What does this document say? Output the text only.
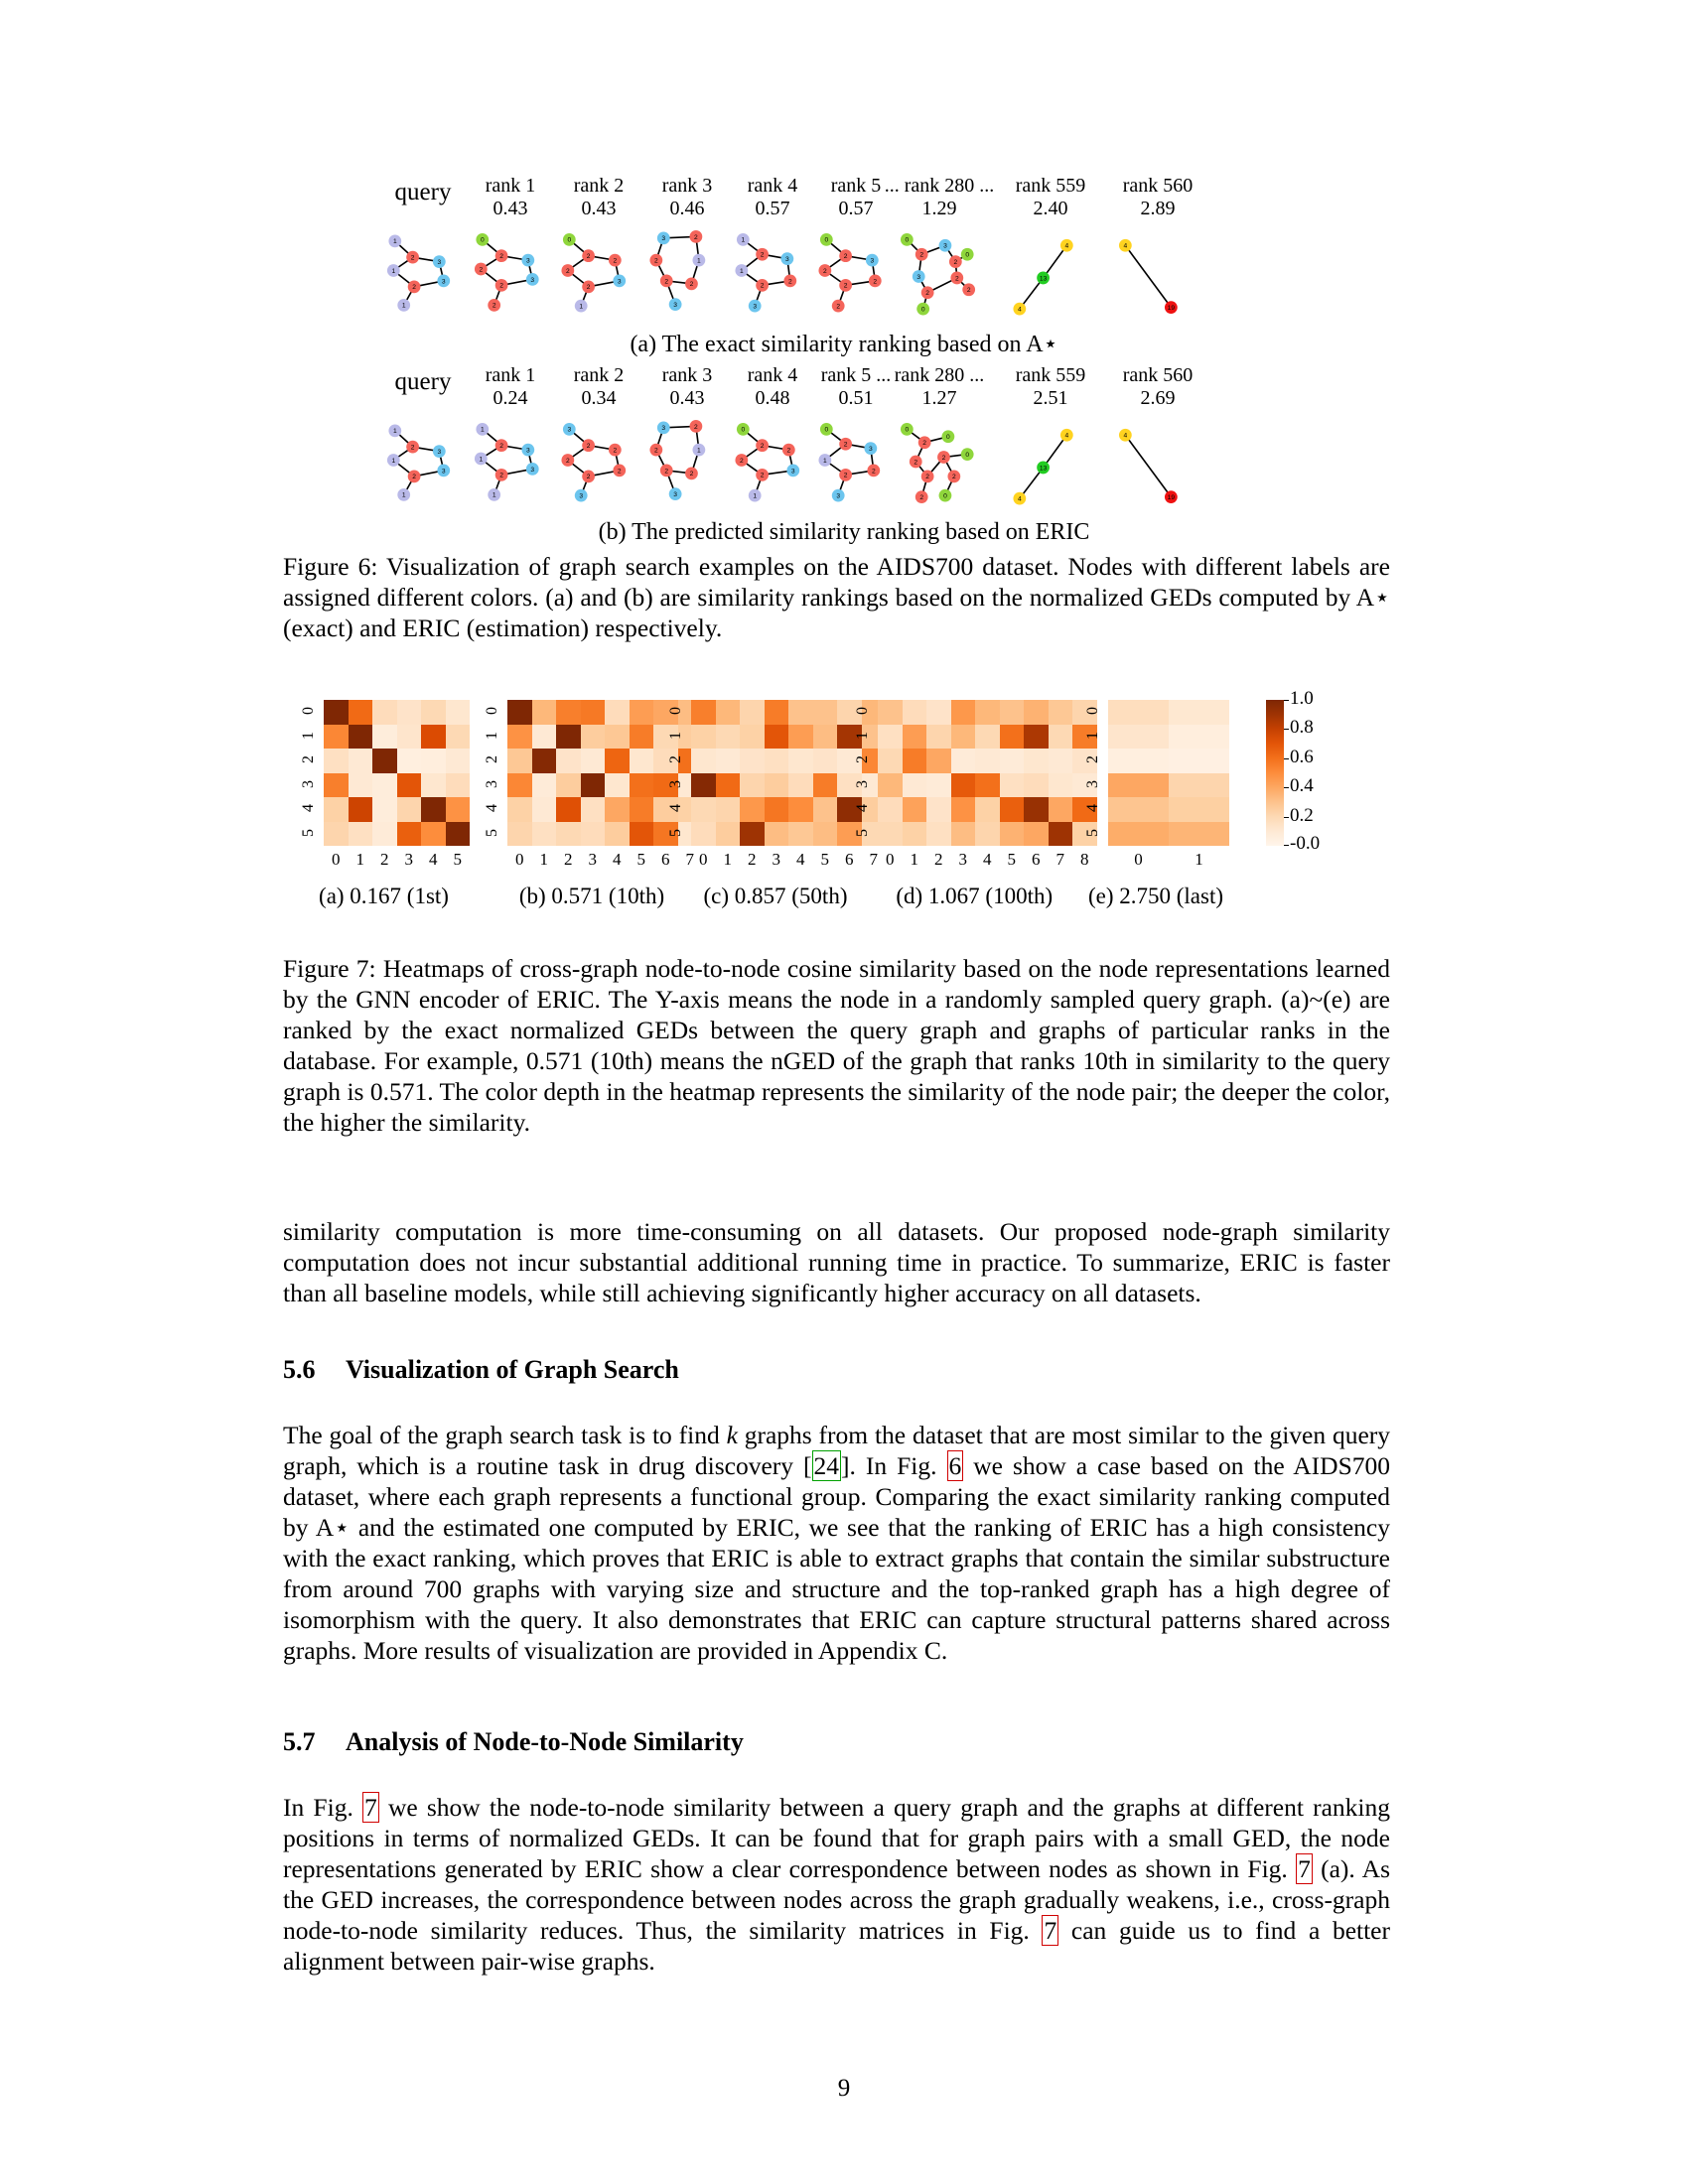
query	rank 1
0.43
rank 2
0.43
rank 3
0.46
rank 4
0.57
rank 5
0.57
... rank 280 ...
1.29
rank 559
2.40
rank 560
2.89
1
2
1
2
1
3
3
0
2
2
2
2
3
3
0
2
2
2
1
2
3
3	2
2	1
2 2
3
1
2
1
2
3
3
2
0
2
2
2
2
3
2
0
2
3
0
2
3	2
2	2
0	4
13
4	4
19
(a) The exact similarity ranking based on A⋆
query	rank 1
0.24
rank 2
0.34
rank 3
0.43
rank 4
0.48
rank 5 ...
0.51
rank 280 ...
1.27
rank 559
2.51
rank 560
2.69
1
2
1
2
1
3
3
1
2
1
2
1
3
3
3
2
2
2
3
2
2
3	2
2	1
2 2
3
0
2
2
2
1
2
3
0
2
1
2
3
3
2
0
2
0
2
2 0
2	2
0
2	4
13
4	4
19
(b) The predicted similarity ranking based on ERIC
Figure 6: Visualization of graph search examples on the AIDS700 dataset. Nodes with different labels are assigned different colors. (a) and (b) are similarity rankings based on the normalized GEDs computed by A⋆ (exact) and ERIC (estimation) respectively.
0
1
2
3
4
5
0 1 2 3 4 5
(a) 0.167 (1st)
0
1
2
3
4
5
0 1 2 3 4 5 6 7
(b) 0.571 (10th)
0
1
2
3
4
5
0 1 2 3 4 5 6 7
(c) 0.857 (50th)
0
1
2
3
4
5
0 1 2 3 4 5 6 7 8
(d) 1.067 (100th)
0
1
2
3
4
5
0	1
(e) 2.750 (last)
1.0
0.8
0.6
0.4
0.2
-0.0
Figure 7: Heatmaps of cross-graph node-to-node cosine similarity based on the node representations learned by the GNN encoder of ERIC. The Y-axis means the node in a randomly sampled query graph. (a)~(e) are ranked by the exact normalized GEDs between the query graph and graphs of particular ranks in the database. For example, 0.571 (10th) means the nGED of the graph that ranks 10th in similarity to the query graph is 0.571. The color depth in the heatmap represents the similarity of the node pair; the deeper the color, the higher the similarity.
similarity computation is more time-consuming on all datasets. Our proposed node-graph similarity computation does not incur substantial additional running time in practice. To summarize, ERIC is faster than all baseline models, while still achieving significantly higher accuracy on all datasets.
5.6 Visualization of Graph Search
The goal of the graph search task is to find k graphs from the dataset that are most similar to the given query graph, which is a routine task in drug discovery [24]. In Fig. 6 we show a case based on the AIDS700 dataset, where each graph represents a functional group. Comparing the exact similarity ranking computed by A⋆ and the estimated one computed by ERIC, we see that the ranking of ERIC has a high consistency with the exact ranking, which proves that ERIC is able to extract graphs that contain the similar substructure from around 700 graphs with varying size and structure and the top-ranked graph has a high degree of isomorphism with the query. It also demonstrates that ERIC can capture structural patterns shared across graphs. More results of visualization are provided in Appendix C.
5.7 Analysis of Node-to-Node Similarity
In Fig. 7 we show the node-to-node similarity between a query graph and the graphs at different ranking positions in terms of normalized GEDs. It can be found that for graph pairs with a small GED, the node representations generated by ERIC show a clear correspondence between nodes as shown in Fig. 7 (a). As the GED increases, the correspondence between nodes across the graph gradually weakens, i.e., cross-graph node-to-node similarity reduces. Thus, the similarity matrices in Fig. 7 can guide us to find a better alignment between pair-wise graphs.
9
